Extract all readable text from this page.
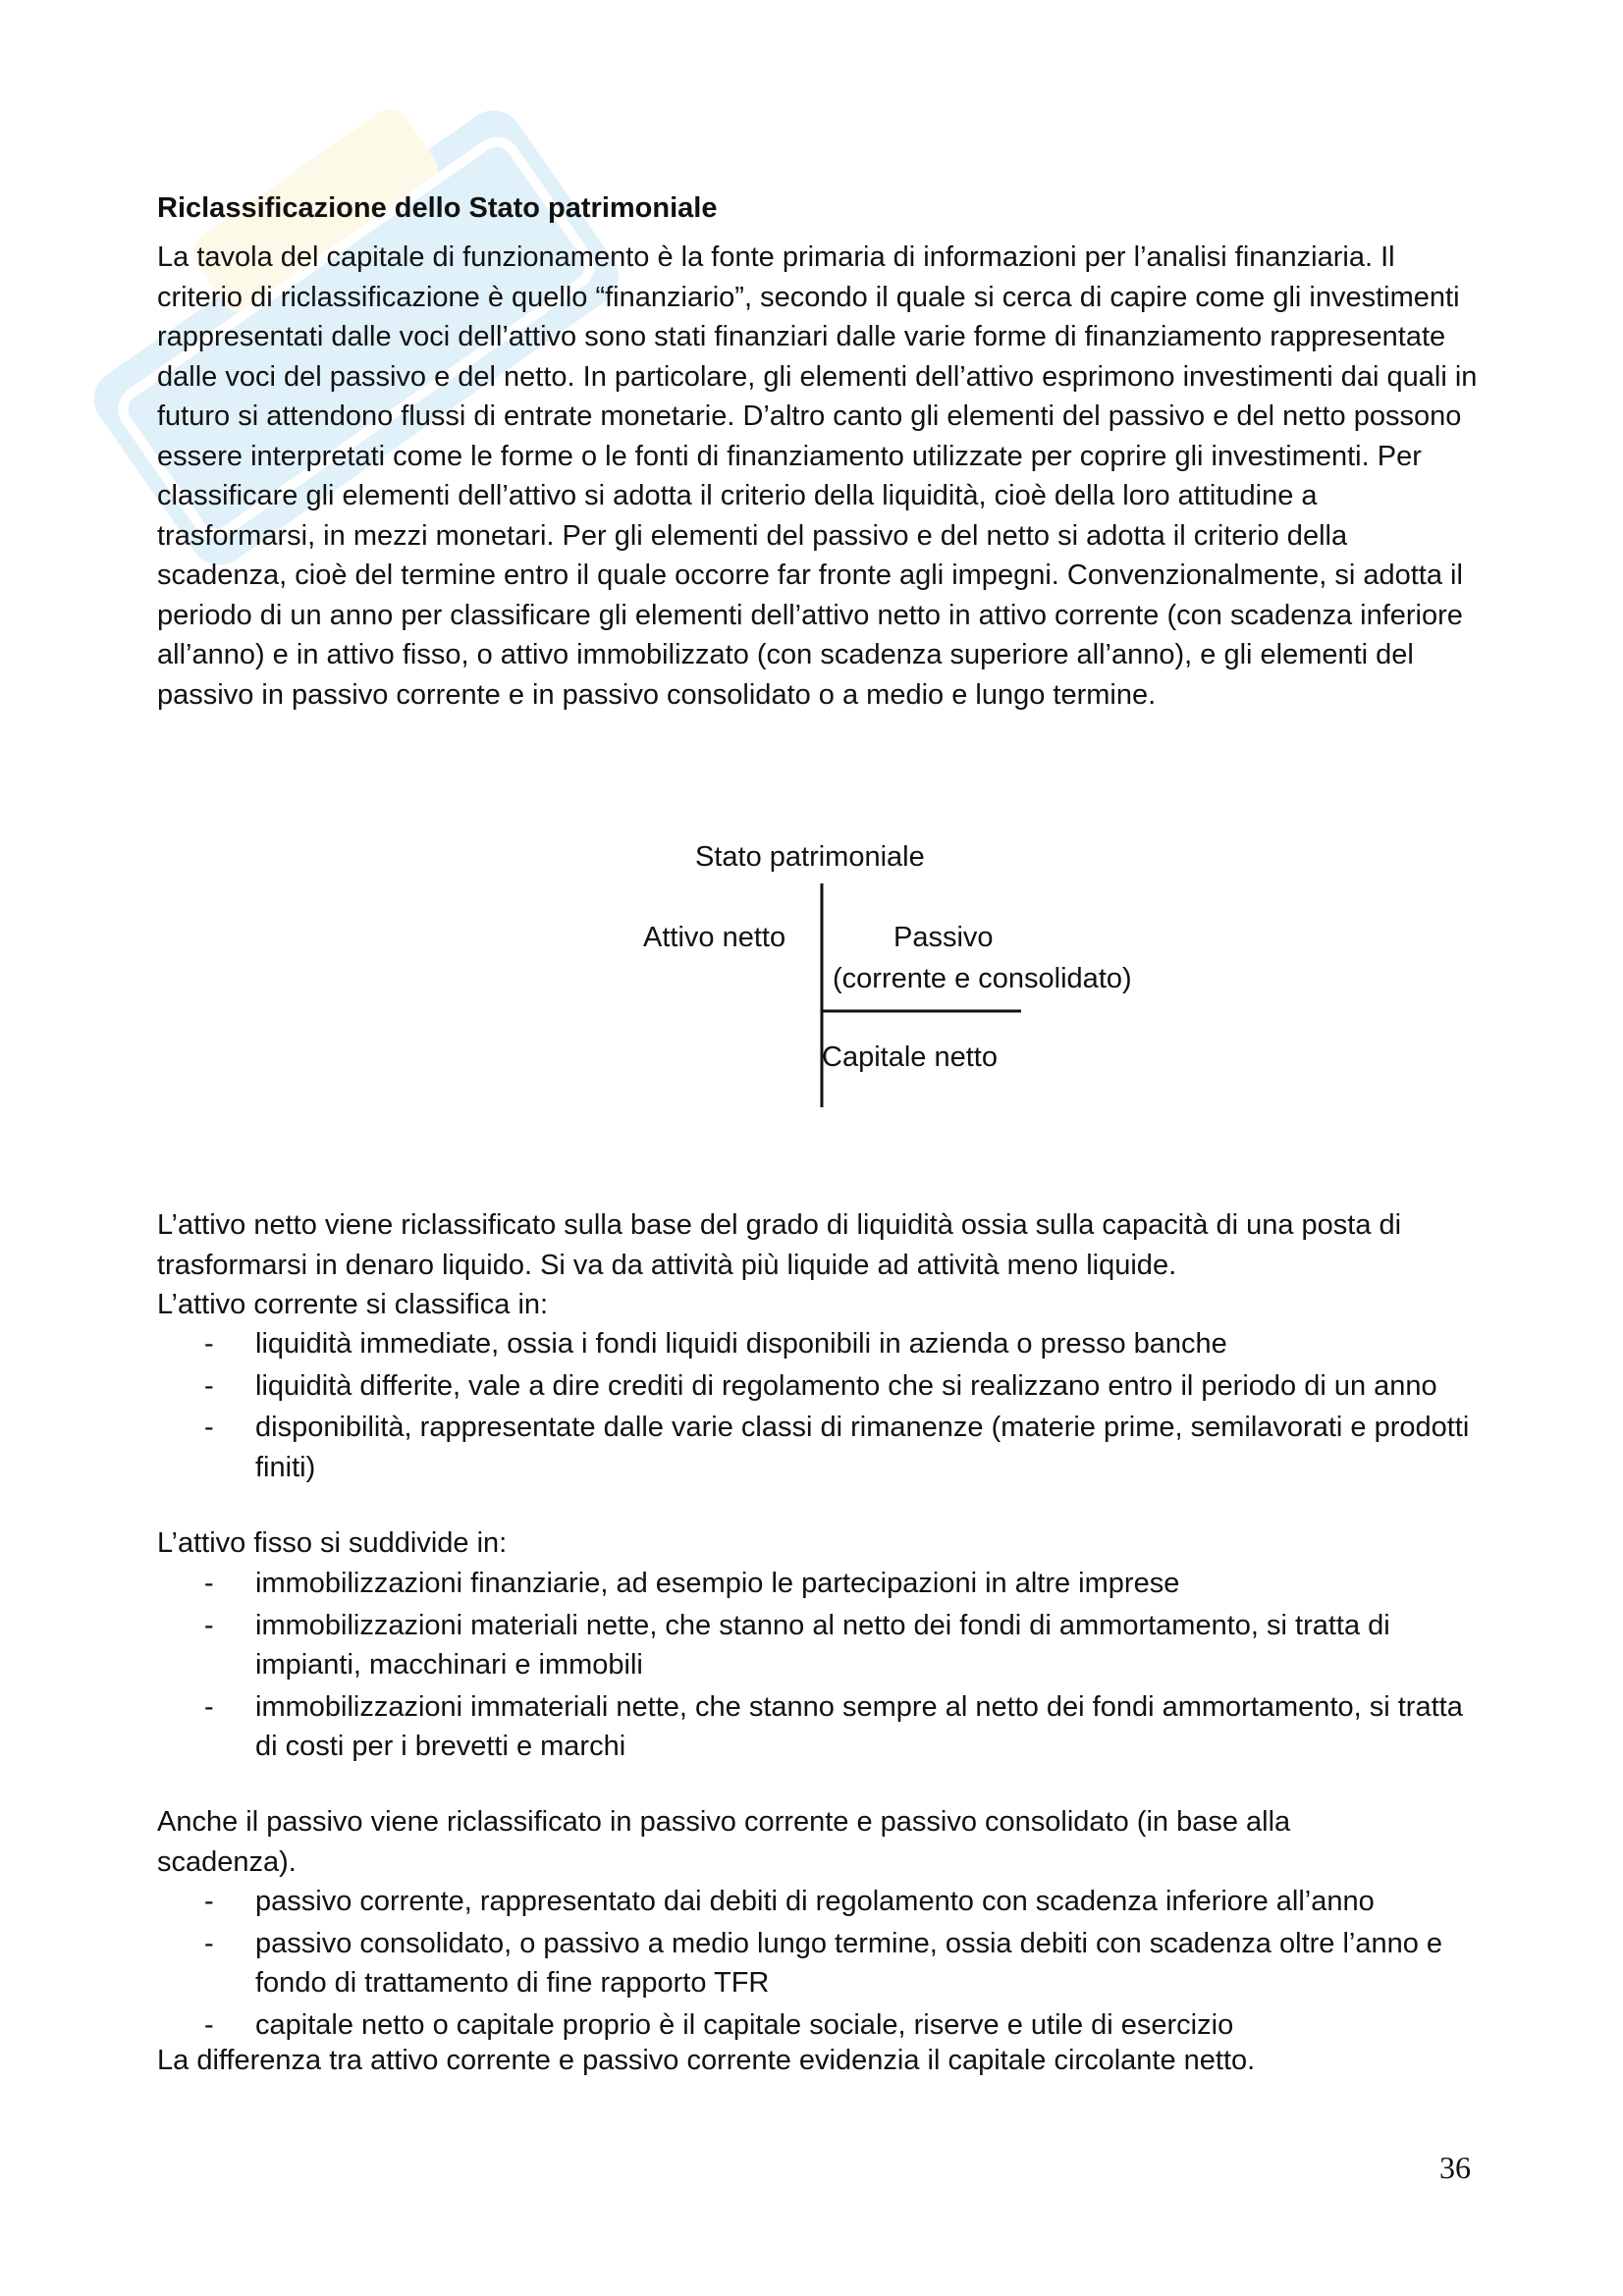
Riclassificazione dello Stato patrimoniale

La tavola del capitale di funzionamento è la fonte primaria di informazioni per l’analisi finanziaria. Il criterio di riclassificazione è quello “finanziario”, secondo il quale si cerca di capire come gli investimenti rappresentati dalle voci dell’attivo sono stati finanziari dalle varie forme di finanziamento rappresentate dalle voci del passivo e del netto. In particolare, gli elementi dell’attivo esprimono investimenti dai quali in futuro si attendono flussi di entrate monetarie. D’altro canto gli elementi del passivo e del netto possono essere interpretati come le forme o le fonti di finanziamento utilizzate per coprire gli investimenti. Per classificare gli elementi dell’attivo si adotta il criterio della liquidità, cioè della loro attitudine a trasformarsi, in mezzi monetari. Per gli elementi del passivo e del netto si adotta il criterio della scadenza, cioè del termine entro il quale occorre far fronte agli impegni. Convenzionalmente, si adotta il periodo di un anno per classificare gli elementi dell’attivo netto in attivo corrente (con scadenza inferiore all’anno) e in attivo fisso, o attivo immobilizzato (con scadenza superiore all’anno), e gli elementi del passivo in passivo corrente e in passivo consolidato o a medio e lungo termine.

Stato patrimoniale
Attivo netto	Passivo
(corrente e consolidato)
Capitale netto

L’attivo netto viene riclassificato sulla base del grado di liquidità ossia sulla capacità di una posta di trasformarsi in denaro liquido. Si va da attività più liquide ad attività meno liquide.

L’attivo corrente si classifica in:

- liquidità immediate, ossia i fondi liquidi disponibili in azienda o presso banche
- liquidità differite, vale a dire crediti di regolamento che si realizzano entro il periodo di un anno
- disponibilità, rappresentate dalle varie classi di rimanenze (materie prime, semilavorati e prodotti finiti)

L’attivo fisso si suddivide in:

- immobilizzazioni finanziarie, ad esempio le partecipazioni in altre imprese
- immobilizzazioni materiali nette, che stanno al netto dei fondi di ammortamento, si tratta di impianti, macchinari e immobili
- immobilizzazioni immateriali nette, che stanno sempre al netto dei fondi ammortamento, si tratta di costi per i brevetti e marchi

Anche il passivo viene riclassificato in passivo corrente e passivo consolidato (in base alla scadenza).

- passivo corrente, rappresentato dai debiti di regolamento con scadenza inferiore all’anno
- passivo consolidato, o passivo a medio lungo termine, ossia debiti con scadenza oltre l’anno e fondo di trattamento di fine rapporto TFR
- capitale netto o capitale proprio è il capitale sociale, riserve e utile di esercizio

La differenza tra attivo corrente e passivo corrente evidenzia il capitale circolante netto.

36
